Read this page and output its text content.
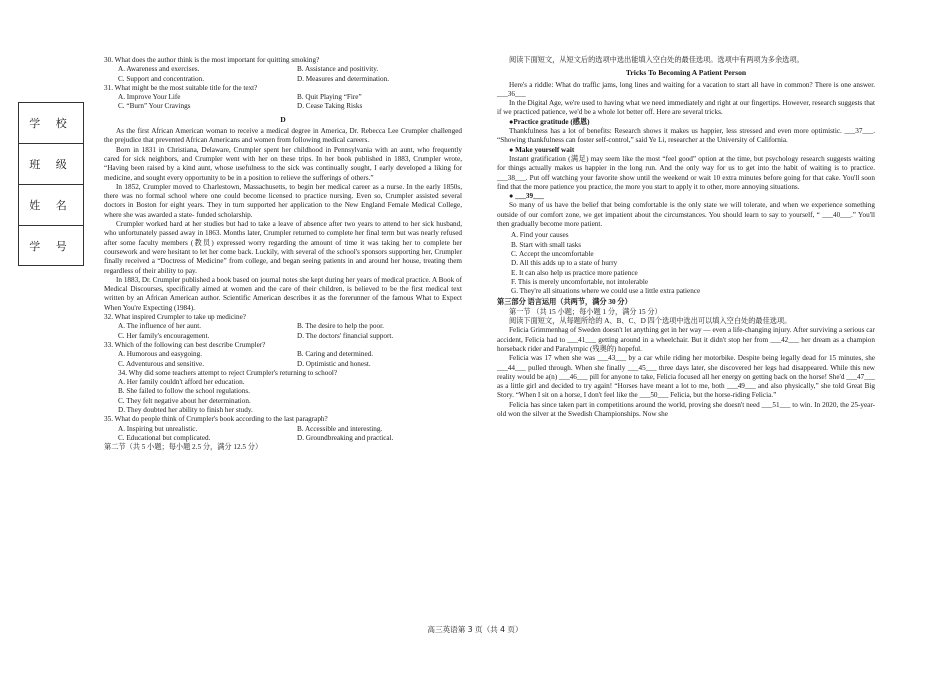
学 校
班 级
姓 名
学 号

30. What does the author think is the most important for quitting smoking?

A. Awareness and exercises.	B. Assistance and positivity.

C. Support and concentration.	D. Measures and determination.

31. What might be the most suitable title for the text?

A. Improve Your Life	B. Quit Playing “Fire”

C. “Burn” Your Cravings	D. Cease Taking Risks

D

As the first African American woman to receive a medical degree in America, Dr. Rebecca Lee Crumpler challenged the prejudice that prevented African Americans and women from following medical careers.

Born in 1831 in Christiana, Delaware, Crumpler spent her childhood in Pennsylvania with an aunt, who frequently cared for sick neighbors, and Crumpler went with her on these trips. In her book published in 1883, Crumpler wrote, “Having been raised by a kind aunt, whose usefulness to the sick was continually sought, I early developed a liking for medicine, and sought every opportunity to be in a position to relieve the sufferings of others.”

In 1852, Crumpler moved to Charlestown, Massachusetts, to begin her medical career as a nurse. In the early 1850s, there was no formal school where one could become licensed to practice nursing. Even so, Crumpler assisted several doctors in Boston for eight years. They in turn supported her application to the New England Female Medical College, where she was awarded a state- funded scholarship.

Crumpler worked hard at her studies but had to take a leave of absence after two years to attend to her sick husband, who unfortunately passed away in 1863. Months later, Crumpler returned to complete her final term but was nearly refused after some faculty members (教员) expressed worry regarding the amount of time it was taking her to complete her coursework and were hesitant to let her come back. Luckily, with several of the school's sponsors supporting her, Crumpler finally received a “Doctress of Medicine” from college, and began seeing patients in and around her house, treating them regardless of their ability to pay.

In 1883, Dr. Crumpler published a book based on journal notes she kept during her years of medical practice. A Book of Medical Discourses, specifically aimed at women and the care of their children, is believed to be the first medical text written by an African American author. Scientific American describes it as the forerunner of the famous What to Expect When You're Expecting (1984).

32. What inspired Crumpler to take up medicine?

A. The influence of her aunt.	B. The desire to help the poor.

C. Her family's encouragement.	D. The doctors' financial support.

33. Which of the following can best describe Crumpler?

A. Humorous and easygoing.	B. Caring and determined.

C. Adventurous and sensitive.	D. Optimistic and honest.

34. Why did some teachers attempt to reject Crumpler's returning to school?

A. Her family couldn't afford her education.

B. She failed to follow the school regulations.

C. They felt negative about her determination.

D. They doubted her ability to finish her study.

35. What do people think of Crumpler's book according to the last paragraph?

A. Inspiring but unrealistic.	B. Accessible and interesting.

C. Educational but complicated.	D. Groundbreaking and practical.

第二节（共 5 小题；每小题 2.5 分，满分 12.5 分）

阅读下面短文，从短文后的选项中选出能填入空白处的最佳选项。选项中有两项为多余选项。

Tricks To Becoming A Patient Person

Here's a riddle: What do traffic jams, long lines and waiting for a vacation to start all have in common? There is one answer. ___36___

In the Digital Age, we're used to having what we need immediately and right at our fingertips. However, research suggests that if we practiced patience, we'd be a whole lot better off. Here are several tricks.

●Practice gratitude (感恩)

Thankfulness has a lot of benefits: Research shows it makes us happier, less stressed and even more optimistic. ___37___. “Showing thankfulness can foster self-control,” said Ye Li, researcher at the University of California.

● Make yourself wait

Instant gratification (满足) may seem like the most “feel good” option at the time, but psychology research suggests waiting for things actually makes us happier in the long run. And the only way for us to get into the habit of waiting is to practice. ___38___. Put off watching your favorite show until the weekend or wait 10 extra minutes before going for that cake. You'll soon find that the more patience you practice, the more you start to apply it to other, more annoying situations.

● ___39___

So many of us have the belief that being comfortable is the only state we will tolerate, and when we experience something outside of our comfort zone, we get impatient about the circumstances. You should learn to say to yourself, “ ___40___.” You'll then gradually become more patient.

A. Find your causes

B. Start with small tasks

C. Accept the uncomfortable

D. All this adds up to a state of hurry

E. It can also help us practice more patience

F. This is merely uncomfortable, not intolerable

G. They're all situations where we could use a little extra patience

第三部分 语言运用（共两节，满分 30 分）

第一节 （共 15 小题；每小题 1 分，满分 15 分）

阅读下面短文，从每题所给的 A、B、C、D 四个选项中选出可以填入空白处的最佳选项。

Felicia Grimmenhag of Sweden doesn't let anything get in her way — even a life-changing injury. After surviving a serious car accident, Felicia had to ___41___ getting around in a wheelchair. But it didn't stop her from ___42___ her dream as a champion horseback rider and Paralympic (残奥的) hopeful.

Felicia was 17 when she was ___43___ by a car while riding her motorbike. Despite being legally dead for 15 minutes, she ___44___ pulled through. When she finally ___45___ three days later, she discovered her legs had disappeared. While this new reality would be a(n) ___46___ pill for anyone to take, Felicia focused all her energy on getting back on the horse! She'd ___47___ as a little girl and decided to try again! “Horses have meant a lot to me, both ___49___ and also physically,” she told Great Big Story. “When I sit on a horse, I don't feel like the ___50___ Felicia, but the horse-riding Felicia.”

Felicia has since taken part in competitions around the world, proving she doesn't need ___51___ to win. In 2020, the 25-year-old won the silver at the Swedish Championships. Now she

高三英语第 3 页（共 4 页）
